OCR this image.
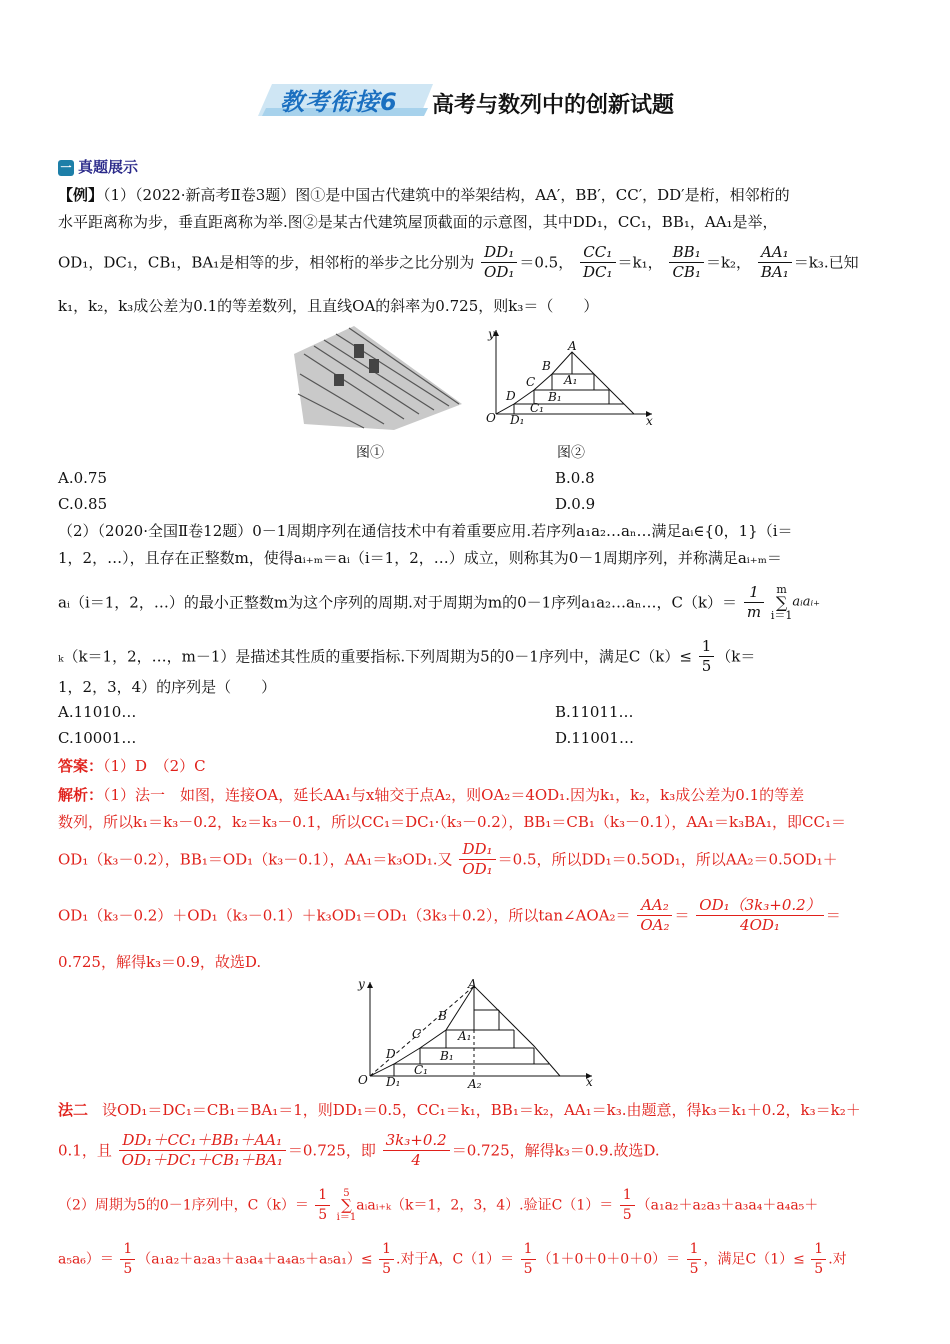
教考衔接6 高考与数列中的创新试题
一 真题展示
【例】（1）（2022·新高考Ⅱ卷3题）图①是中国古代建筑中的举架结构，AA′，BB′，CC′，DD′是桁，相邻桁的
水平距离称为步，垂直距离称为举.图②是某古代建筑屋顶截面的示意图，其中DD₁，CC₁，BB₁，AA₁是举，
OD₁，DC₁，CB₁，BA₁是相等的步，相邻桁的举步之比分别为 $\frac{\text{DD₁}}{\text{OD₁}} =0.5$， $\frac{\text{CC₁}}{\text{DC₁}} =k_1$， $\frac{\text{BB₁}}{\text{CB₁}} =k_2$， $\frac{\text{AA₁}}{\text{BA₁}} =k_3$.已知
k₁，k₂，k₃成公差为0.1的等差数列，且直线OA的斜率为0.725，则k₃＝（　　）
图①
y
A
B
A₁
C
B₁
D
C₁
O D₁	x
图②
A.0.75	B.0.8
C.0.85	D.0.9
（2）（2020·全国Ⅱ卷12题）0－1周期序列在通信技术中有着重要应用.若序列a₁a₂…aₙ…满足aᵢ∈{0，1}（i＝
1，2，…），且存在正整数m，使得aᵢ₊ₘ＝aᵢ（i＝1，2，…）成立，则称其为0－1周期序列，并称满足aᵢ₊ₘ＝
aᵢ（i＝1，2，…）的最小正整数m为这个序列的周期.对于周期为m的0－1序列a₁a₂…aₙ…，$C(k)= \frac{1}{m}$
	m
∑
i＝1
aᵢaᵢ₊
ₖ（k＝1，2，…，m－1）是描述其性质的重要指标.下列周期为5的0－1序列中，满足$C(k)\le \frac{1}{5} (k=$
1，2，3，4）的序列是（　　）
A.11010…	B.11011…
C.10001…	D.11001…
答案：（1）D　（2）C
解析：（1）法一　如图，连接OA，延长AA₁与x轴交于点A₂，则OA₂＝4OD₁.因为k₁，k₂，k₃成公差为0.1的等差
数列，所以k₁＝k₃－0.2，k₂＝k₃－0.1，所以CC₁＝DC₁·（k₃－0.2），BB₁＝CB₁（k₃－0.1），AA₁＝k₃BA₁，即CC₁＝
OD₁（k₃－0.2），BB₁＝OD₁（k₃－0.1），AA₁＝k₃OD₁.又 $\frac{\text{DD₁}}{\text{OD₁}} =0.5$，所以DD₁＝0.5OD₁，所以AA₂＝0.5OD₁＋
OD₁（k₃－0.2）＋OD₁（k₃－0.1）＋k₃OD₁＝OD₁（3k₃＋0.2），所以tan∠AOA₂＝ $\frac{\text{AA₂}}{\text{OA₂}} = \frac{\text{OD₁（3k₃+0.2）}}{\text{4OD₁}}$ ＝
0.725，解得k₃＝0.9，故选D.
y	A
B
A₁
C
B₁
D
C₁
O D₁	A₂	x
法二 设OD₁＝DC₁＝CB₁＝BA₁＝1，则DD₁＝0.5，CC₁＝k₁，BB₁＝k₂，AA₁＝k₃.由题意，得k₃＝k₁＋0.2，k₃＝k₂＋
0.1，且 $\frac{\text{DD₁＋CC₁＋BB₁＋AA₁}}{\text{OD₁＋DC₁＋CB₁＋BA₁}} =0.725$，即 $\frac{\text{3k₃+0.2}}{4} =0.725$，解得k₃＝0.9.故选D.
（2）周期为5的0－1序列中，$C(k)= \frac{1}{5}$
	5
∑
i＝1
aᵢaᵢ₊ₖ（k＝1，2，3，4）.验证$C(1)= \frac{1}{5} (a_1a_2+a_2a_3+a_3a_4+a_4a_5+$
$a_5a_6)= \frac{1}{5} (a_1a_2+a_2a_3+a_3a_4+a_4a_5+a_5a_1)\le \frac{1}{5}$ .对于A，$C(1)= \frac{1}{5} (1+0+0+0+0)= \frac{1}{5}$ ，满足$C(1)\le \frac{1}{5}$ .对
